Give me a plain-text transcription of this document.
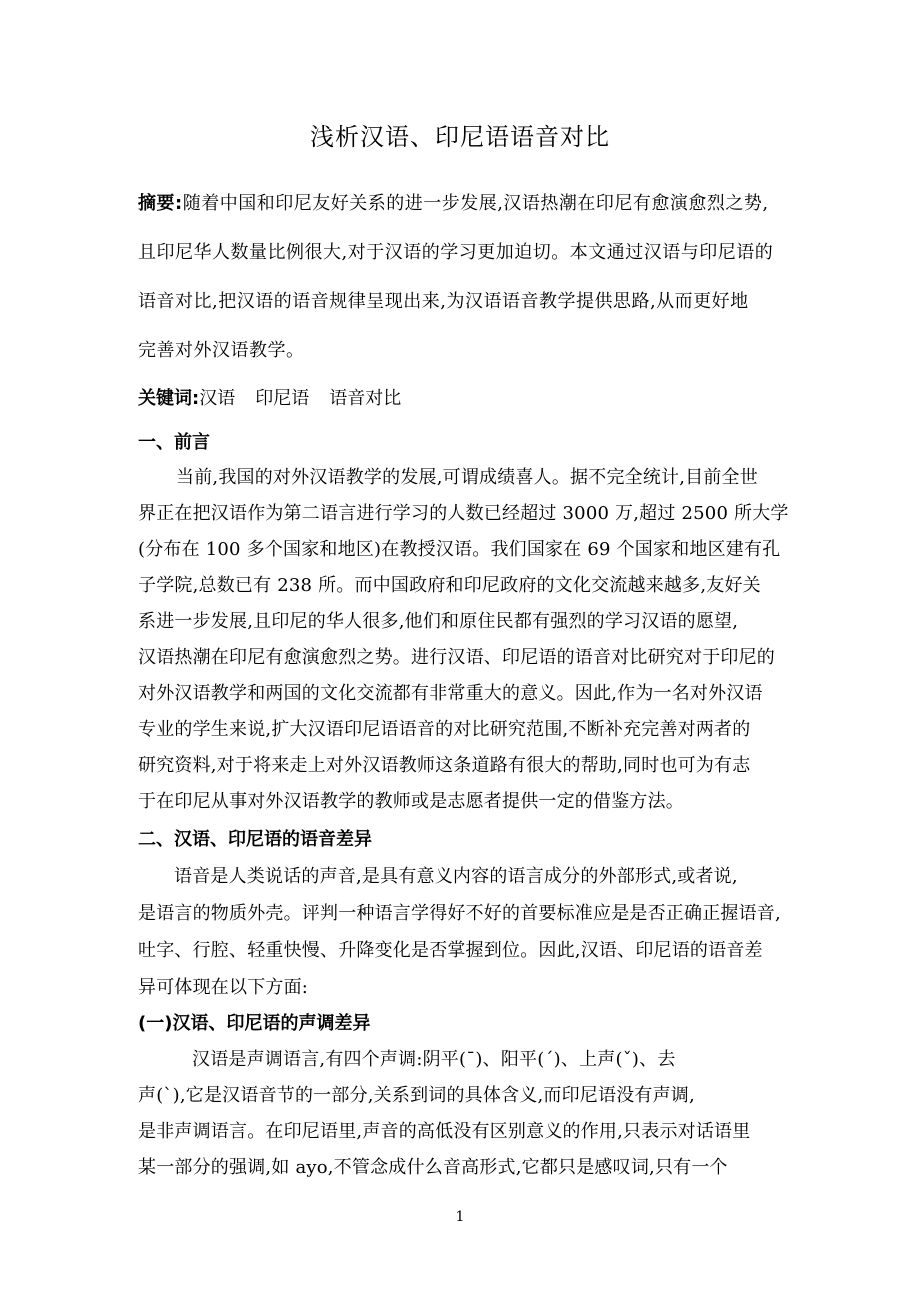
浅析汉语、印尼语语音对比
摘要:随着中国和印尼友好关系的进一步发展,汉语热潮在印尼有愈演愈烈之势,
且印尼华人数量比例很大,对于汉语的学习更加迫切。本文通过汉语与印尼语的
语音对比,把汉语的语音规律呈现出来,为汉语语音教学提供思路,从而更好地
完善对外汉语教学。
关键词:汉语 印尼语 语音对比
一、前言
当前,我国的对外汉语教学的发展,可谓成绩喜人。据不完全统计,目前全世
界正在把汉语作为第二语言进行学习的人数已经超过 3000 万,超过 2500 所大学
(分布在 100 多个国家和地区)在教授汉语。我们国家在 69 个国家和地区建有孔
子学院,总数已有 238 所。而中国政府和印尼政府的文化交流越来越多,友好关
系进一步发展,且印尼的华人很多,他们和原住民都有强烈的学习汉语的愿望,
汉语热潮在印尼有愈演愈烈之势。进行汉语、印尼语的语音对比研究对于印尼的
对外汉语教学和两国的文化交流都有非常重大的意义。因此,作为一名对外汉语
专业的学生来说,扩大汉语印尼语语音的对比研究范围,不断补充完善对两者的
研究资料,对于将来走上对外汉语教师这条道路有很大的帮助,同时也可为有志
于在印尼从事对外汉语教学的教师或是志愿者提供一定的借鉴方法。
二、汉语、印尼语的语音差异
语音是人类说话的声音,是具有意义内容的语言成分的外部形式,或者说,
是语言的物质外壳。评判一种语言学得好不好的首要标准应是是否正确正握语音,
吐字、行腔、轻重快慢、升降变化是否掌握到位。因此,汉语、印尼语的语音差
异可体现在以下方面:
(一)汉语、印尼语的声调差异
汉语是声调语言,有四个声调:阴平(ˉ)、阳平(ˊ)、上声(ˇ)、去
声(ˋ),它是汉语音节的一部分,关系到词的具体含义,而印尼语没有声调,
是非声调语言。在印尼语里,声音的高低没有区别意义的作用,只表示对话语里
某一部分的强调,如 ayo,不管念成什么音高形式,它都只是感叹词,只有一个
1
